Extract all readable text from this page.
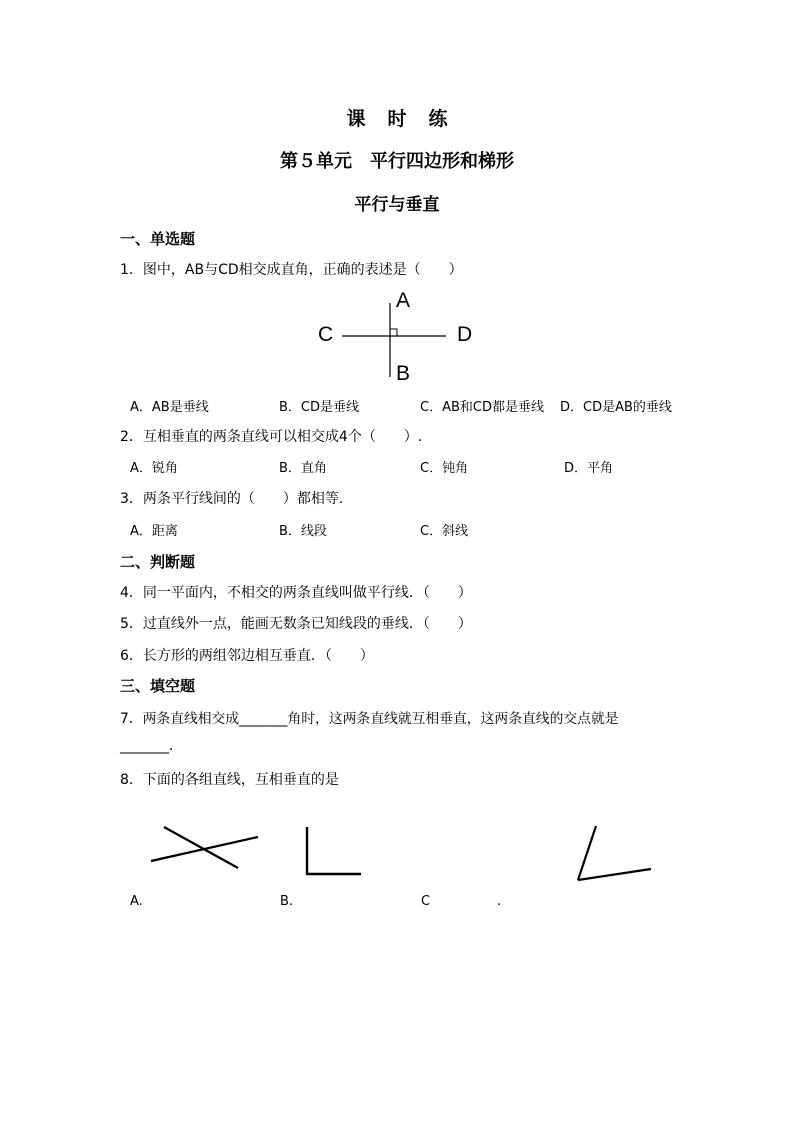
课 时 练
第５单元　平行四边形和梯形
平行与垂直
一、单选题
1．图中，AB与CD相交成直角，正确的表述是（　　）
A
B
C	D
A．AB是垂线	B．CD是垂线	C．AB和CD都是垂线 D．CD是AB的垂线
2．互相垂直的两条直线可以相交成4个（　　）.
A．锐角	B．直角	C．钝角	D．平角
3．两条平行线间的（　　）都相等.
A．距离	B．线段	C．斜线
二、判断题
4．同一平面内，不相交的两条直线叫做平行线．（　　）
5．过直线外一点，能画无数条已知线段的垂线．（　　）
6．长方形的两组邻边相互垂直．（　　）
三、填空题
7．两条直线相交成_______角时，这两条直线就互相垂直，这两条直线的交点就是
_______.
8．下面的各组直线，互相垂直的是
A.	B.	C	.
